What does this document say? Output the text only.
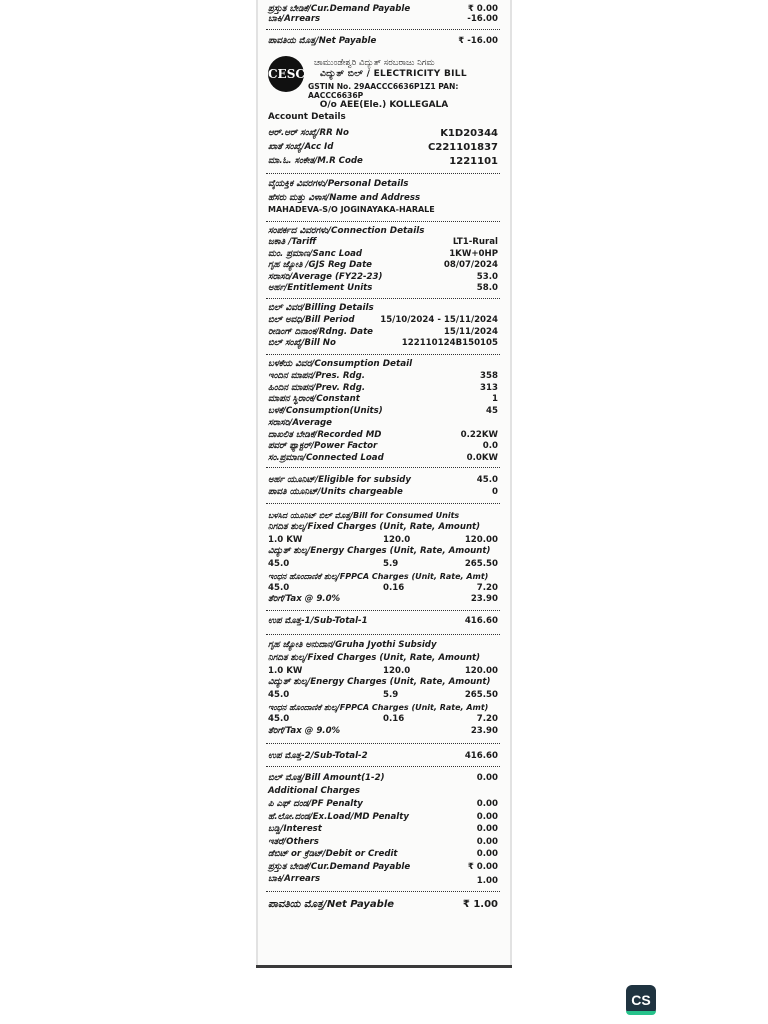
ಪ್ರಸ್ತುತ ಬೇಡಿಕೆ/Cur.Demand Payable	₹ 0.00
ಬಾಕಿ/Arrears	-16.00
ಪಾವತಿಯ ಮೊತ್ತ/Net Payable	₹ -16.00
CESC
ಚಾಮುಂಡೇಶ್ವರಿ ವಿದ್ಯುತ್ ಸರಬರಾಜು ನಿಗಮ
ವಿದ್ಯುತ್ ಬಿಲ್ / ELECTRICITY BILL
GSTIN No. 29AACCC6636P1Z1 PAN: AACCC6636P
O/o AEE(Ele.) KOLLEGALA
Account Details
ಆರ್.ಆರ್ ಸಂಖ್ಯೆ/RR No	K1D20344
ಖಾತೆ ಸಂಖ್ಯೆ/Acc Id	C221101837
ಮಾ.ಓ. ಸಂಕೇತ/M.R Code	1221101
ವೈಯಕ್ತಿಕ ವಿವರಗಳು/Personal Details
ಹೆಸರು ಮತ್ತು ವಿಳಾಸ/Name and Address
MAHADEVA-S/O JOGINAYAKA-HARALE
ಸಂಪರ್ಕದ ವಿವರಗಳು/Connection Details
ಜಕಾತಿ /Tariff	LT1-Rural
ಮಂ. ಪ್ರಮಾಣ/Sanc Load	1KW+0HP
ಗೃಹ ಜ್ಯೋತಿ /GJS Reg Date	08/07/2024
ಸರಾಸರಿ/Average (FY22-23)	53.0
ಅರ್ಹ/Entitlement Units	58.0
ಬಿಲ್ ವಿವರ/Billing Details
ಬಿಲ್ ಅವಧಿ/Bill Period	15/10/2024 - 15/11/2024
ರೀಡಿಂಗ್ ದಿನಾಂಕ/Rdng. Date	15/11/2024
ಬಿಲ್ ಸಂಖ್ಯೆ/Bill No	122110124B150105
ಬಳಕೆಯ ವಿವರ/Consumption Detail
ಇಂದಿನ ಮಾಪನ/Pres. Rdg.	358
ಹಿಂದಿನ ಮಾಪನ/Prev. Rdg.	313
ಮಾಪನ ಸ್ಥಿರಾಂಕ/Constant	1
ಬಳಕೆ/Consumption(Units)	45
ಸರಾಸರಿ/Average
ದಾಖಲಿತ ಬೇಡಿಕೆ/Recorded MD	0.22KW
ಪವರ್ ಫ್ಯಾಕ್ಟರ್/Power Factor	0.0
ಸಂ.ಪ್ರಮಾಣ/Connected Load	0.0KW
ಅರ್ಹ ಯೂನಿಟ್/Eligible for subsidy	45.0
ಪಾವತಿ ಯೂನಿಟ್/Units chargeable	0
ಬಳಸಿದ ಯೂನಿಟ್ ಬಿಲ್ ಮೊತ್ತ/Bill for Consumed Units
ನಿಗದಿತ ಶುಲ್ಕ/Fixed Charges (Unit, Rate, Amount)
1.0 KW	120.0	120.00
ವಿದ್ಯುತ್ ಶುಲ್ಕ/Energy Charges (Unit, Rate, Amount)
45.0	5.9	265.50
ಇಂಧನ ಹೊಂದಾಣಿಕೆ ಶುಲ್ಕ/FPPCA Charges (Unit, Rate, Amt)
45.0	0.16	7.20
ತೆರಿಗೆ/Tax @ 9.0%	23.90
ಉಪ ಮೊತ್ತ-1/Sub-Total-1	416.60
ಗೃಹ ಜ್ಯೋತಿ ಅನುದಾನ/Gruha Jyothi Subsidy
ನಿಗದಿತ ಶುಲ್ಕ/Fixed Charges (Unit, Rate, Amount)
1.0 KW	120.0	120.00
ವಿದ್ಯುತ್ ಶುಲ್ಕ/Energy Charges (Unit, Rate, Amount)
45.0	5.9	265.50
ಇಂಧನ ಹೊಂದಾಣಿಕೆ ಶುಲ್ಕ/FPPCA Charges (Unit, Rate, Amt)
45.0	0.16	7.20
ತೆರಿಗೆ/Tax @ 9.0%	23.90
ಉಪ ಮೊತ್ತ-2/Sub-Total-2	416.60
ಬಿಲ್ ಮೊತ್ತ/Bill Amount(1-2)	0.00
Additional Charges
ಪಿ ಎಫ್ ದಂಡ/PF Penalty	0.00
ಹೆ.ಲೋ.ದಂಡ/Ex.Load/MD Penalty	0.00
ಬಡ್ಡಿ/Interest	0.00
ಇತರೆ/Others	0.00
ಡೆಬಿಟ್ or ಕ್ರೆಡಿಟ್/Debit or Credit	0.00
ಪ್ರಸ್ತುತ ಬೇಡಿಕೆ/Cur.Demand Payable	₹ 0.00
ಬಾಕಿ/Arrears	1.00
ಪಾವತಿಯ ಮೊತ್ತ/Net Payable	₹ 1.00
CS
